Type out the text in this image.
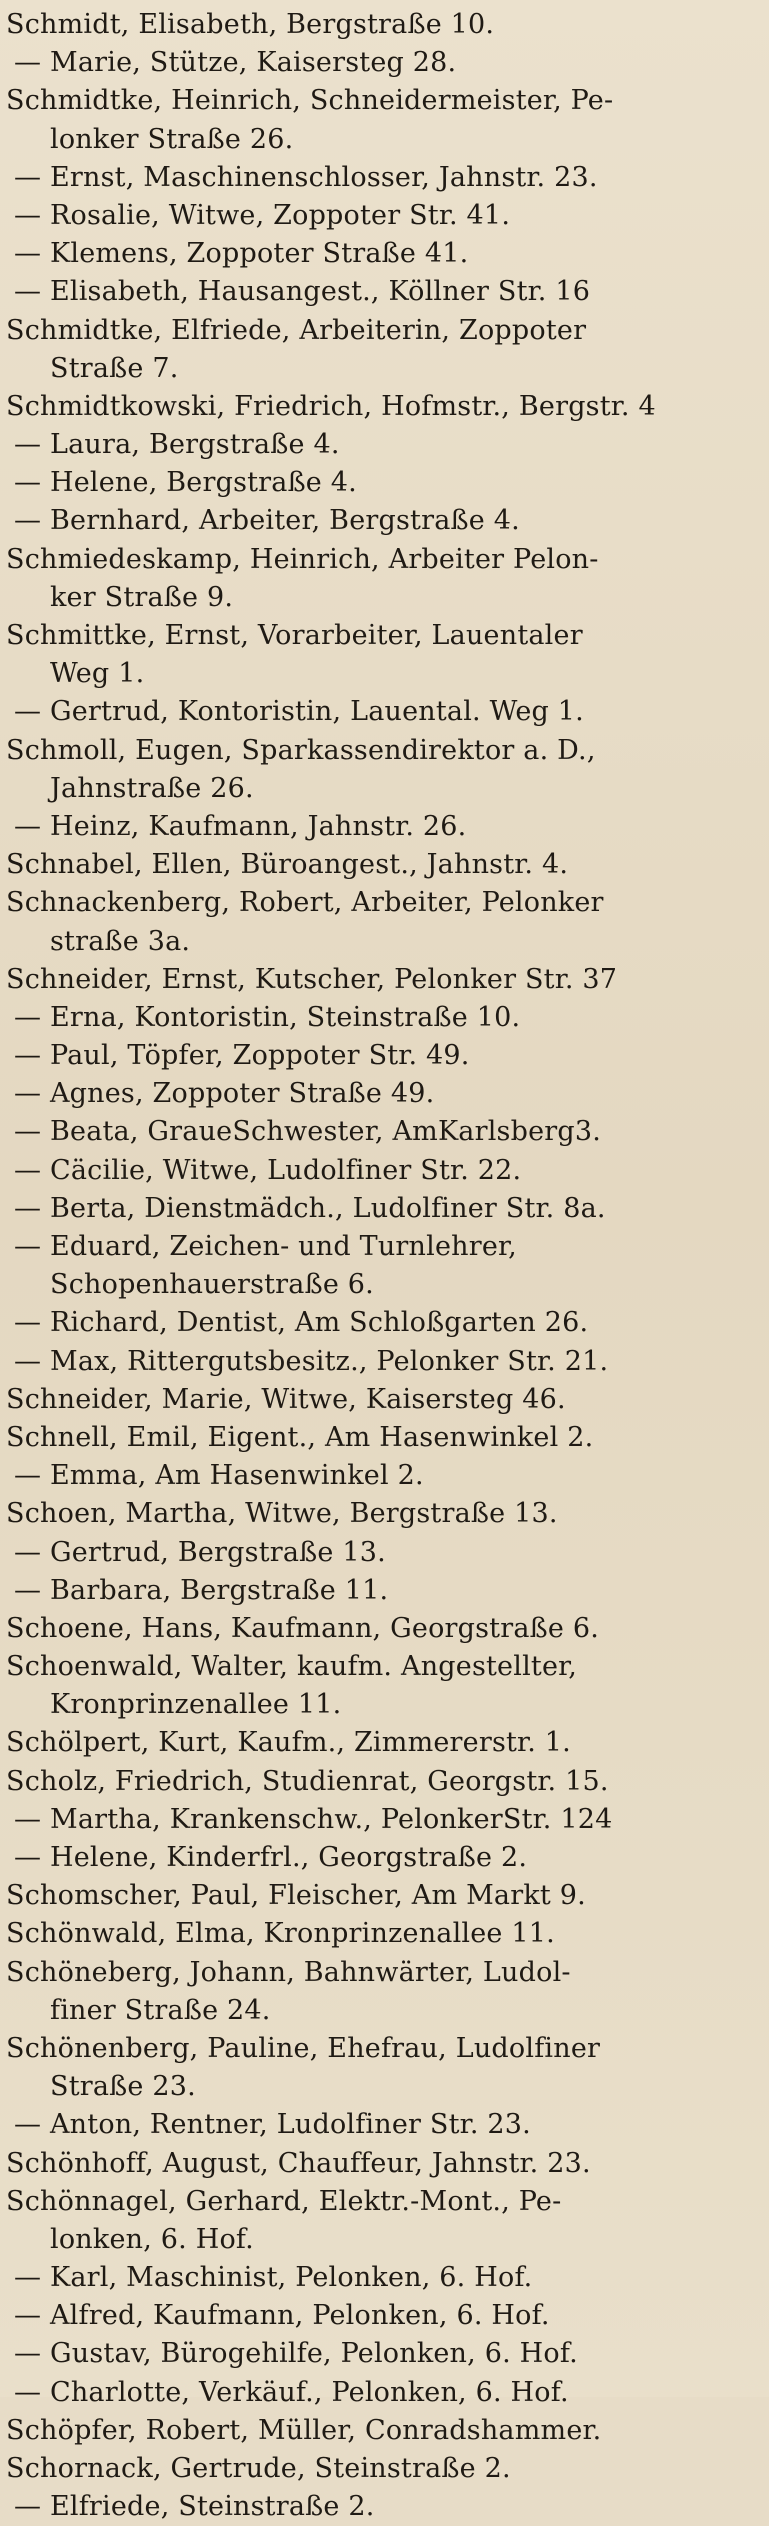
Schmidt, Elisabeth, Bergstraße 10.
— Marie, Stütze, Kaisersteg 28.
Schmidtke, Heinrich, Schneidermeister, Pe-
lonker Straße 26.
— Ernst, Maschinenschlosser, Jahnstr. 23.
— Rosalie, Witwe, Zoppoter Str. 41.
— Klemens, Zoppoter Straße 41.
— Elisabeth, Hausangest., Köllner Str. 16
Schmidtke, Elfriede, Arbeiterin, Zoppoter
Straße 7.
Schmidtkowski, Friedrich, Hofmstr., Bergstr. 4
— Laura, Bergstraße 4.
— Helene, Bergstraße 4.
— Bernhard, Arbeiter, Bergstraße 4.
Schmiedeskamp, Heinrich, Arbeiter Pelon-
ker Straße 9.
Schmittke, Ernst, Vorarbeiter, Lauentaler
Weg 1.
— Gertrud, Kontoristin, Lauental. Weg 1.
Schmoll, Eugen, Sparkassendirektor a. D.,
Jahnstraße 26.
— Heinz, Kaufmann, Jahnstr. 26.
Schnabel, Ellen, Büroangest., Jahnstr. 4.
Schnackenberg, Robert, Arbeiter, Pelonker
straße 3a.
Schneider, Ernst, Kutscher, Pelonker Str. 37
— Erna, Kontoristin, Steinstraße 10.
— Paul, Töpfer, Zoppoter Str. 49.
— Agnes, Zoppoter Straße 49.
— Beata, GraueSchwester, AmKarlsberg3.
— Cäcilie, Witwe, Ludolfiner Str. 22.
— Berta, Dienstmädch., Ludolfiner Str. 8a.
— Eduard, Zeichen- und Turnlehrer,
Schopenhauerstraße 6.
— Richard, Dentist, Am Schloßgarten 26.
— Max, Rittergutsbesitz., Pelonker Str. 21.
Schneider, Marie, Witwe, Kaisersteg 46.
Schnell, Emil, Eigent., Am Hasenwinkel 2.
— Emma, Am Hasenwinkel 2.
Schoen, Martha, Witwe, Bergstraße 13.
— Gertrud, Bergstraße 13.
— Barbara, Bergstraße 11.
Schoene, Hans, Kaufmann, Georgstraße 6.
Schoenwald, Walter, kaufm. Angestellter,
Kronprinzenallee 11.
Schölpert, Kurt, Kaufm., Zimmererstr. 1.
Scholz, Friedrich, Studienrat, Georgstr. 15.
— Martha, Krankenschw., PelonkerStr. 124
— Helene, Kinderfrl., Georgstraße 2.
Schomscher, Paul, Fleischer, Am Markt 9.
Schönwald, Elma, Kronprinzenallee 11.
Schöneberg, Johann, Bahnwärter, Ludol-
finer Straße 24.
Schönenberg, Pauline, Ehefrau, Ludolfiner
Straße 23.
— Anton, Rentner, Ludolfiner Str. 23.
Schönhoff, August, Chauffeur, Jahnstr. 23.
Schönnagel, Gerhard, Elektr.-Mont., Pe-
lonken, 6. Hof.
— Karl, Maschinist, Pelonken, 6. Hof.
— Alfred, Kaufmann, Pelonken, 6. Hof.
— Gustav, Bürogehilfe, Pelonken, 6. Hof.
— Charlotte, Verkäuf., Pelonken, 6. Hof.
Schöpfer, Robert, Müller, Conradshammer.
Schornack, Gertrude, Steinstraße 2.
— Elfriede, Steinstraße 2.
